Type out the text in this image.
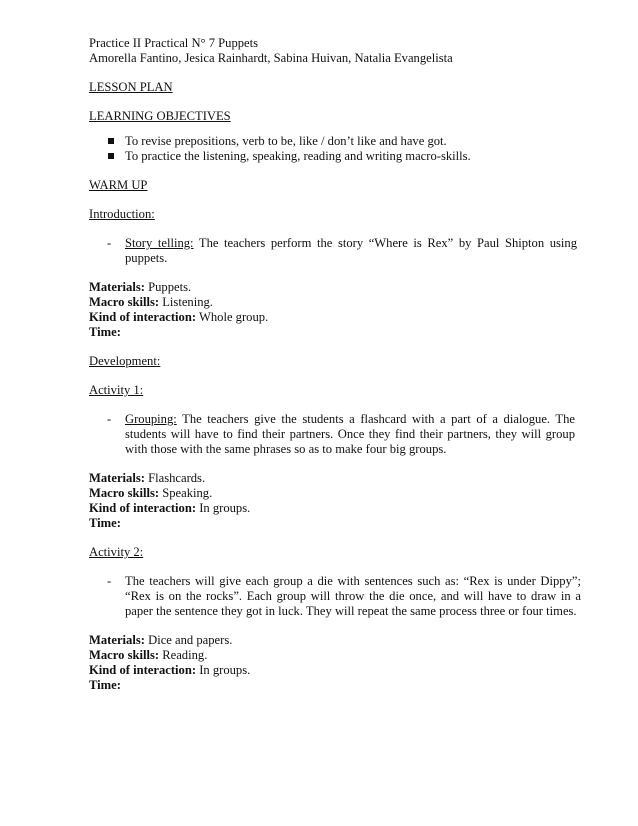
Practice II Practical N° 7 Puppets
Amorella Fantino, Jesica Rainhardt, Sabina Huivan, Natalia Evangelista
LESSON PLAN
LEARNING OBJECTIVES
To revise prepositions, verb to be, like / don’t like and have got.
To practice the listening, speaking, reading and writing macro-skills.
WARM UP
Introduction:
- Story telling: The teachers perform the story “Where is Rex” by Paul Shipton using puppets.
Materials: Puppets.
Macro skills: Listening.
Kind of interaction: Whole group.
Time:
Development:
Activity 1:
- Grouping: The teachers give the students a flashcard with a part of a dialogue. The students will have to find their partners. Once they find their partners, they will group with those with the same phrases so as to make four big groups.
Materials: Flashcards.
Macro skills: Speaking.
Kind of interaction: In groups.
Time:
Activity 2:
- The teachers will give each group a die with sentences such as: “Rex is under Dippy”; “Rex is on the rocks”. Each group will throw the die once, and will have to draw in a paper the sentence they got in luck. They will repeat the same process three or four times.
Materials: Dice and papers.
Macro skills: Reading.
Kind of interaction: In groups.
Time:
